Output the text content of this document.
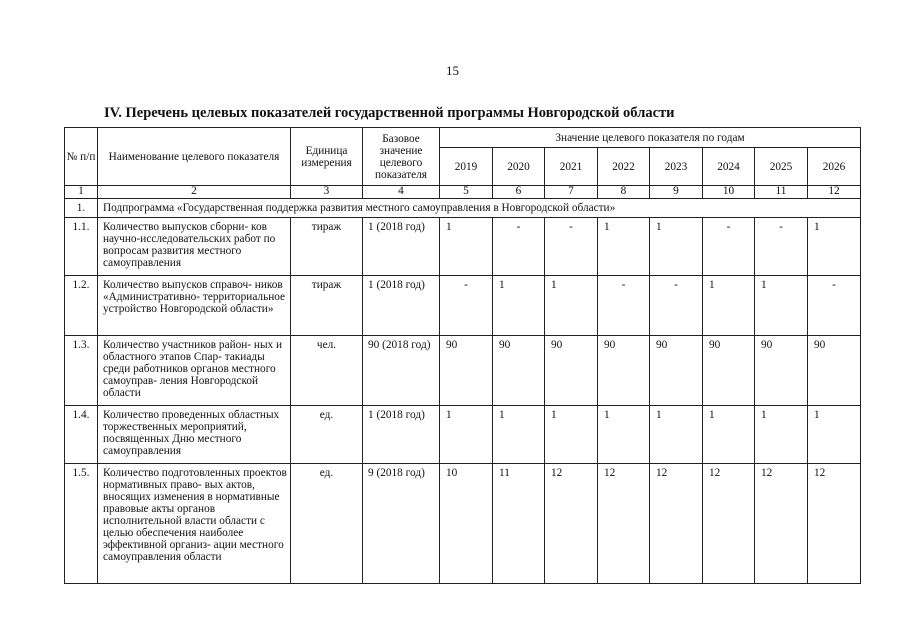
15
IV. Перечень целевых показателей государственной программы Новгородской области
№ п/п	Наименование целевого показателя	Единица измерения	Базовое значение целевого показателя	Значение целевого показателя по годам							
				2019	2020	2021	2022	2023	2024	2025	2026
1	2	3	4	5	6	7	8	9	10	11	12
1.	Подпрограмма «Государственная поддержка развития местного самоуправления в Новгородской области»										
1.1.	Количество выпусков сборни- ков научно-исследовательских работ по вопросам развития местного самоуправления	тираж	1 (2018 год)	1	-	-	1	1	-	-	1
1.2.	Количество выпусков справоч- ников «Административно- территориальное устройство Новгородской области»	тираж	1 (2018 год)	-	1	1	-	-	1	1	-
1.3.	Количество участников район- ных и областного этапов Спар- такиады среди работников органов местного самоуправ- ления Новгородской области	чел.	90 (2018 год)	90	90	90	90	90	90	90	90
1.4.	Количество проведенных областных торжественных мероприятий, посвященных Дню местного самоуправления	ед.	1 (2018 год)	1	1	1	1	1	1	1	1
1.5.	Количество подготовленных проектов нормативных право- вых актов, вносящих изменения в нормативные правовые акты органов исполнительной власти области с целью обеспечения наиболее эффективной организ- ации местного самоуправления области	ед.	9 (2018 год)	10	11	12	12	12	12	12	12
